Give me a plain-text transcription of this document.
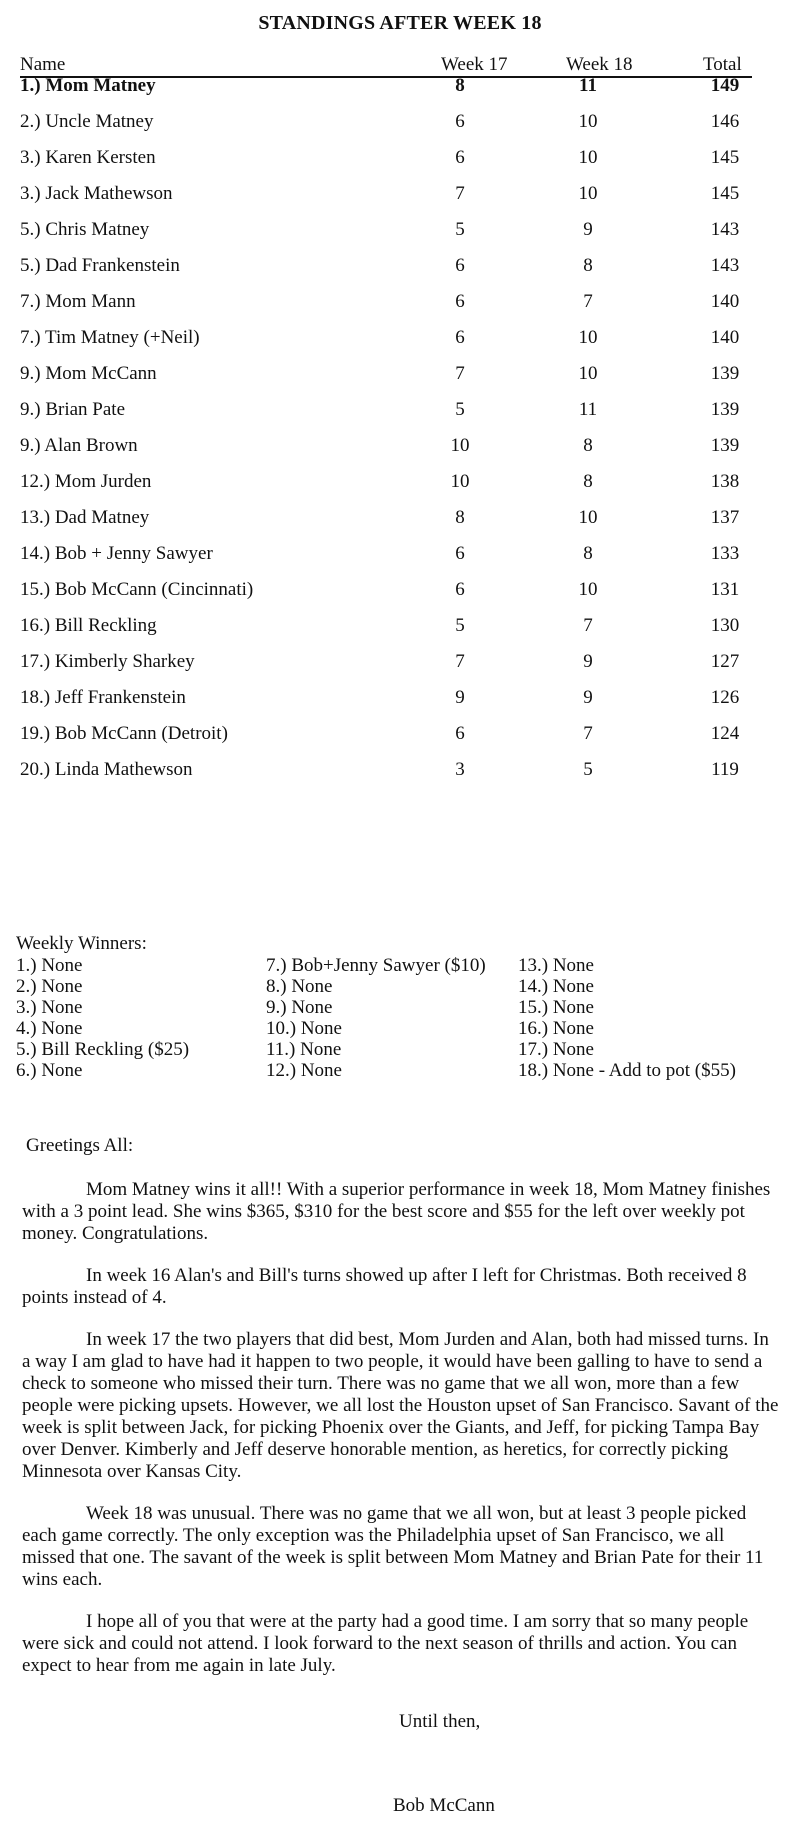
STANDINGS AFTER WEEK 18
Name	Week 17	Week 18	Total
1.) Mom Matney	8	11	149
2.) Uncle Matney	6	10	146
3.) Karen Kersten	6	10	145
3.) Jack Mathewson	7	10	145
5.) Chris Matney	5	9	143
5.) Dad Frankenstein	6	8	143
7.) Mom Mann	6	7	140
7.) Tim Matney (+Neil)	6	10	140
9.) Mom McCann	7	10	139
9.) Brian Pate	5	11	139
9.) Alan Brown	10	8	139
12.) Mom Jurden	10	8	138
13.) Dad Matney	8	10	137
14.) Bob + Jenny Sawyer	6	8	133
15.) Bob McCann (Cincinnati)	6	10	131
16.) Bill Reckling	5	7	130
17.) Kimberly Sharkey	7	9	127
18.) Jeff Frankenstein	9	9	126
19.) Bob McCann (Detroit)	6	7	124
20.) Linda Mathewson	3	5	119
Weekly Winners:
1.) None
2.) None
3.) None
4.) None
5.) Bill Reckling ($25)
6.) None
7.) Bob+Jenny Sawyer ($10)
8.) None
9.) None
10.) None
11.) None
12.) None
13.) None
14.) None
15.) None
16.) None
17.) None
18.) None - Add to pot ($55)
Greetings All:

Mom Matney wins it all!! With a superior performance in week 18, Mom Matney finishes with a 3 point lead. She wins $365, $310 for the best score and $55 for the left over weekly pot money. Congratulations.

In week 16 Alan's and Bill's turns showed up after I left for Christmas. Both received 8 points instead of 4.

In week 17 the two players that did best, Mom Jurden and Alan, both had missed turns. In a way I am glad to have had it happen to two people, it would have been galling to have to send a check to someone who missed their turn. There was no game that we all won, more than a few people were picking upsets. However, we all lost the Houston upset of San Francisco. Savant of the week is split between Jack, for picking Phoenix over the Giants, and Jeff, for picking Tampa Bay over Denver. Kimberly and Jeff deserve honorable mention, as heretics, for correctly picking Minnesota over Kansas City.

Week 18 was unusual. There was no game that we all won, but at least 3 people picked each game correctly. The only exception was the Philadelphia upset of San Francisco, we all missed that one. The savant of the week is split between Mom Matney and Brian Pate for their 11 wins each.

I hope all of you that were at the party had a good time. I am sorry that so many people were sick and could not attend. I look forward to the next season of thrills and action. You can expect to hear from me again in late July.

Until then,
Bob McCann
